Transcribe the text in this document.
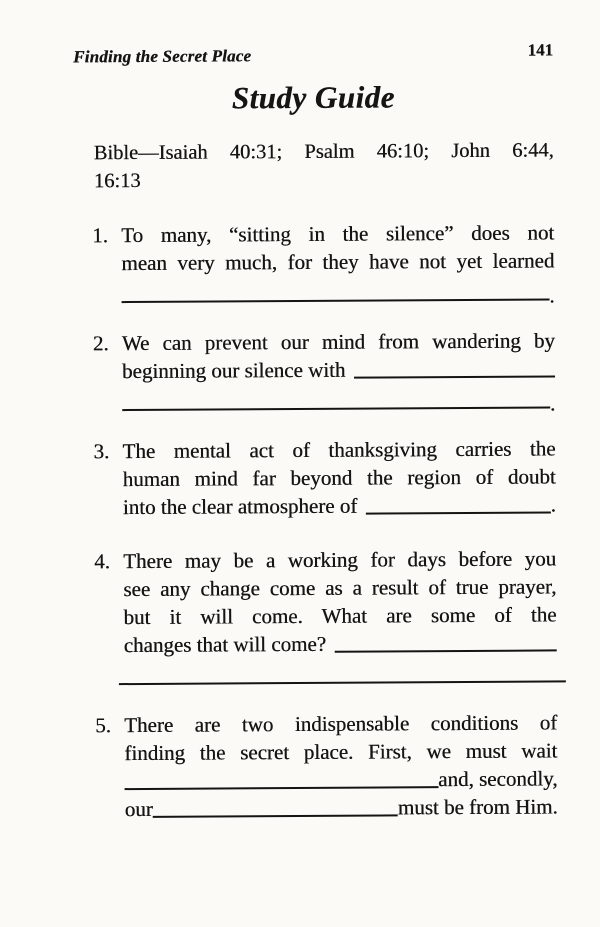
Finding the Secret Place	141
Study Guide
Bible—Isaiah 40:31; Psalm 46:10; John 6:44,
16:13
1. To many, “sitting in the silence” does not
mean very much, for they have not yet learned
.
2. We can prevent our mind from wandering by
beginning our silence with
.
3. The mental act of thanksgiving carries the
human mind far beyond the region of doubt
into the clear atmosphere of	.
4. There may be a working for days before you
see any change come as a result of true prayer,
but it will come. What are some of the
changes that will come?
5. There are two indispensable conditions of
finding the secret place. First, we must wait
and, secondly,
our	must be from Him.
